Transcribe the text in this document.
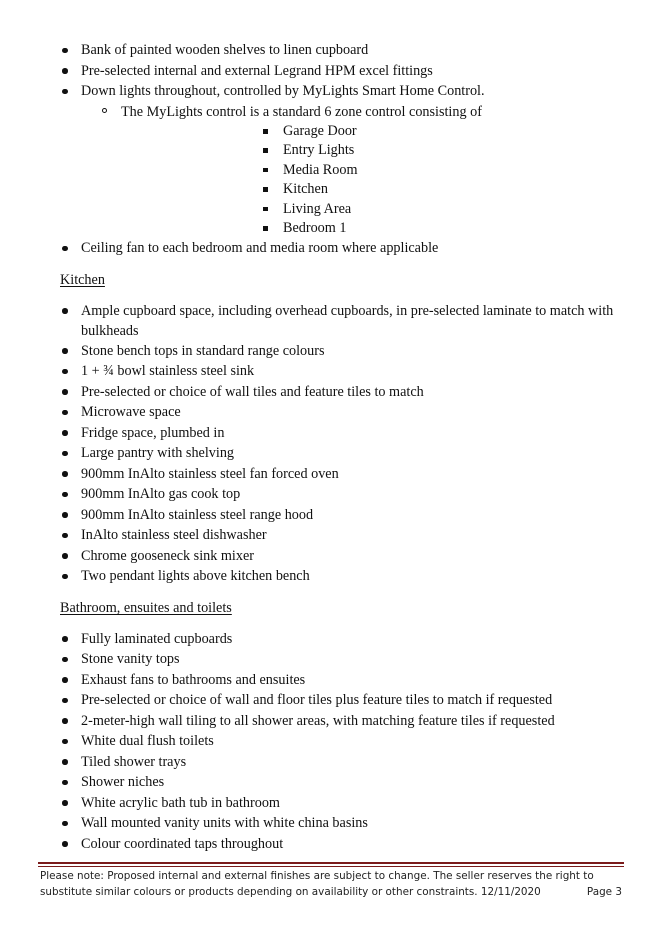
Bank of painted wooden shelves to linen cupboard
Pre-selected internal and external Legrand HPM excel fittings
Down lights throughout, controlled by MyLights Smart Home Control.
The MyLights control is a standard 6 zone control consisting of
Garage Door
Entry Lights
Media Room
Kitchen
Living Area
Bedroom 1
Ceiling fan to each bedroom and media room where applicable
Kitchen
Ample cupboard space, including overhead cupboards, in pre-selected laminate to match with bulkheads
Stone bench tops in standard range colours
1 + ¾ bowl stainless steel sink
Pre-selected or choice of wall tiles and feature tiles to match
Microwave space
Fridge space, plumbed in
Large pantry with shelving
900mm InAlto stainless steel fan forced oven
900mm InAlto gas cook top
900mm InAlto stainless steel range hood
InAlto stainless steel dishwasher
Chrome gooseneck sink mixer
Two pendant lights above kitchen bench
Bathroom, ensuites and toilets
Fully laminated cupboards
Stone vanity tops
Exhaust fans to bathrooms and ensuites
Pre-selected or choice of wall and floor tiles plus feature tiles to match if requested
2-meter-high wall tiling to all shower areas, with matching feature tiles if requested
White dual flush toilets
Tiled shower trays
Shower niches
White acrylic bath tub in bathroom
Wall mounted vanity units with white china basins
Colour coordinated taps throughout
Please note: Proposed internal and external finishes are subject to change. The seller reserves the right to
substitute similar colours or products depending on availability or other constraints. 12/11/2020	Page 3
